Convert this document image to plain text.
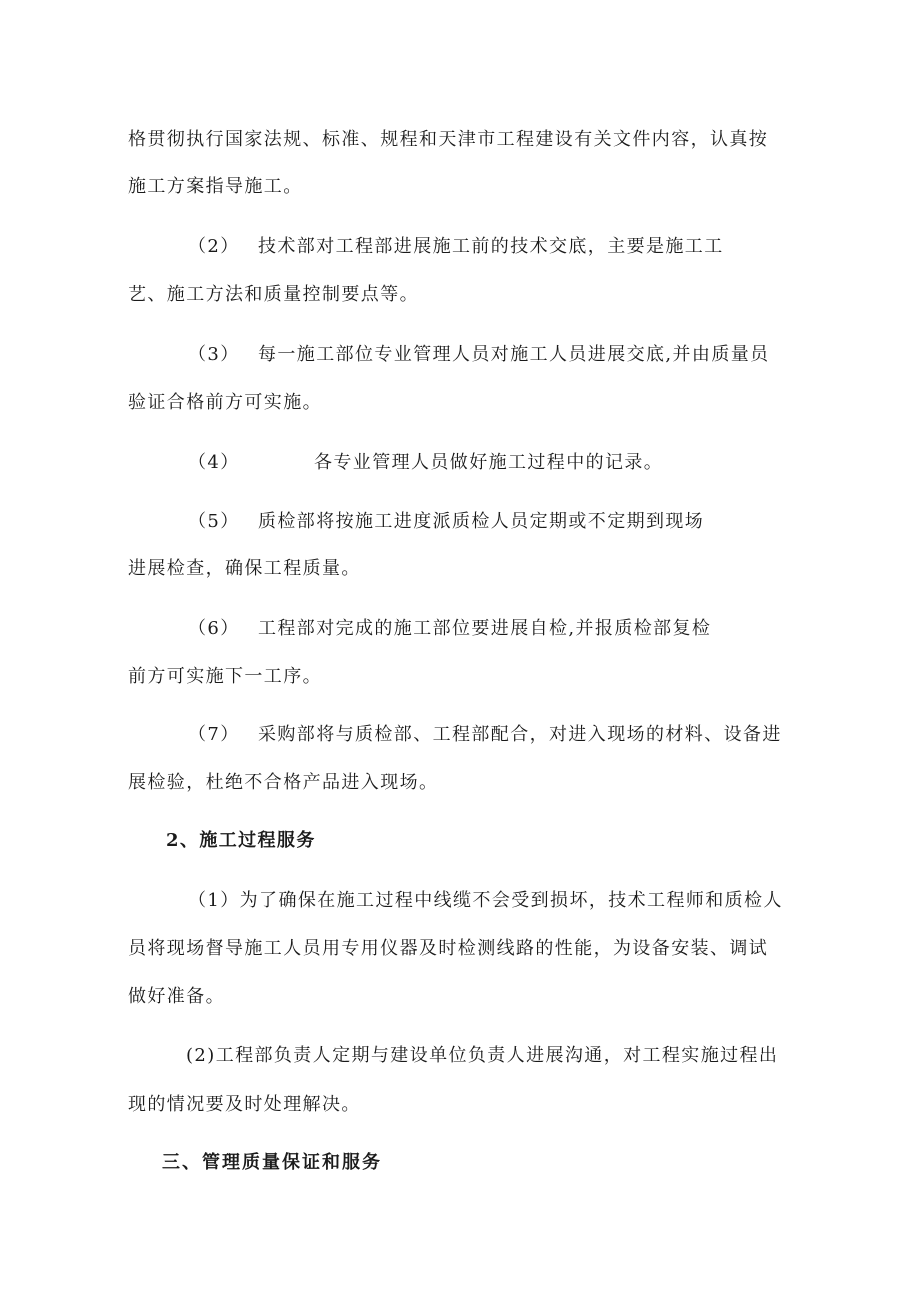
格贯彻执行国家法规、标准、规程和天津市工程建设有关文件内容，认真按
施工方案指导施工。
（2） 技术部对工程部进展施工前的技术交底，主要是施工工
艺、施工方法和质量控制要点等。
（3） 每一施工部位专业管理人员对施工人员进展交底,并由质量员
验证合格前方可实施。
（4）	各专业管理人员做好施工过程中的记录。
（5） 质检部将按施工进度派质检人员定期或不定期到现场
进展检查，确保工程质量。
（6） 工程部对完成的施工部位要进展自检,并报质检部复检
前方可实施下一工序。
（7） 采购部将与质检部、工程部配合，对进入现场的材料、设备进
展检验，杜绝不合格产品进入现场。
2、施工过程服务
（1）为了确保在施工过程中线缆不会受到损坏，技术工程师和质检人
员将现场督导施工人员用专用仪器及时检测线路的性能，为设备安装、调试
做好准备。
(2)工程部负责人定期与建设单位负责人进展沟通，对工程实施过程出
现的情况要及时处理解决。
三、管理质量保证和服务
